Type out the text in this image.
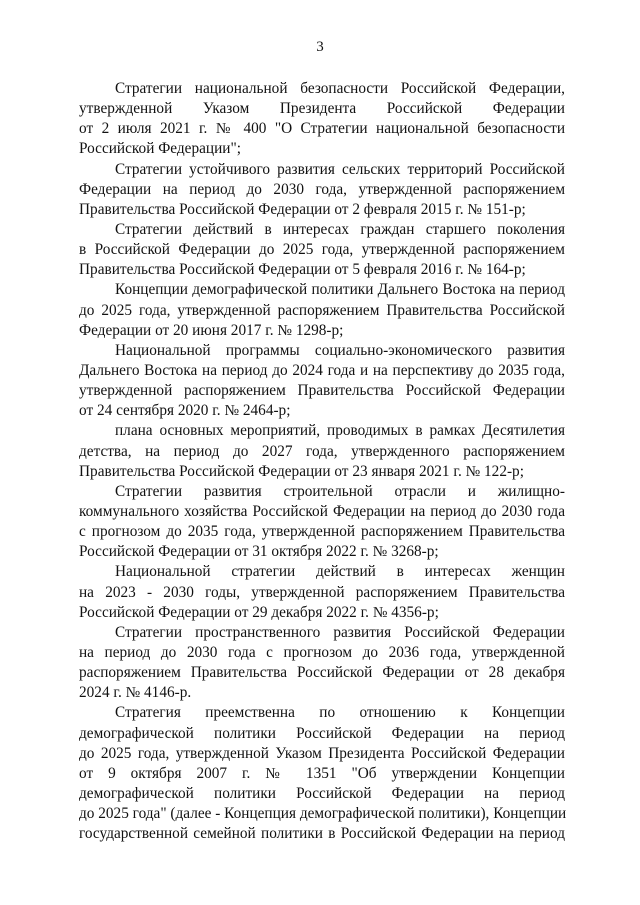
3

Стратегии национальной безопасности Российской Федерации,
утвержденной Указом Президента Российской Федерации
от 2 июля 2021 г. № 400 "О Стратегии национальной безопасности
Российской Федерации";

Стратегии устойчивого развития сельских территорий Российской
Федерации на период до 2030 года, утвержденной распоряжением
Правительства Российской Федерации от 2 февраля 2015 г. № 151-р;

Стратегии действий в интересах граждан старшего поколения
в Российской Федерации до 2025 года, утвержденной распоряжением
Правительства Российской Федерации от 5 февраля 2016 г. № 164-р;

Концепции демографической политики Дальнего Востока на период
до 2025 года, утвержденной распоряжением Правительства Российской
Федерации от 20 июня 2017 г. № 1298-р;

Национальной программы социально-экономического развития
Дальнего Востока на период до 2024 года и на перспективу до 2035 года,
утвержденной распоряжением Правительства Российской Федерации
от 24 сентября 2020 г. № 2464-р;

плана основных мероприятий, проводимых в рамках Десятилетия
детства, на период до 2027 года, утвержденного распоряжением
Правительства Российской Федерации от 23 января 2021 г. № 122-р;

Стратегии развития строительной отрасли и жилищно-
коммунального хозяйства Российской Федерации на период до 2030 года
с прогнозом до 2035 года, утвержденной распоряжением Правительства
Российской Федерации от 31 октября 2022 г. № 3268-р;

Национальной стратегии действий в интересах женщин
на 2023 - 2030 годы, утвержденной распоряжением Правительства
Российской Федерации от 29 декабря 2022 г. № 4356-р;

Стратегии пространственного развития Российской Федерации
на период до 2030 года с прогнозом до 2036 года, утвержденной
распоряжением Правительства Российской Федерации от 28 декабря
2024 г. № 4146-р.

Стратегия преемственна по отношению к Концепции
демографической политики Российской Федерации на период
до 2025 года, утвержденной Указом Президента Российской Федерации
от 9 октября 2007 г. № 1351 "Об утверждении Концепции
демографической политики Российской Федерации на период
до 2025 года" (далее - Концепция демографической политики), Концепции
государственной семейной политики в Российской Федерации на период
